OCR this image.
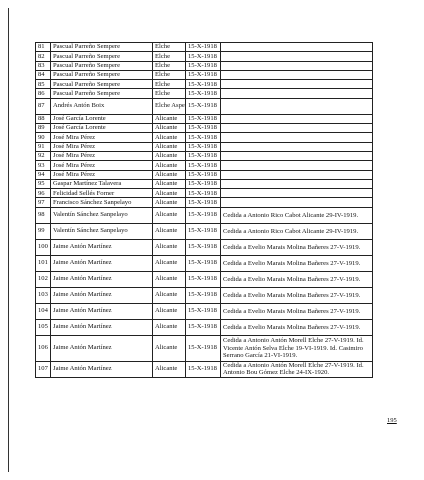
81	Pascual Parreño Sempere	Elche	15-X-1918	
82	Pascual Parreño Sempere	Elche	15-X-1918	
83	Pascual Parreño Sempere	Elche	15-X-1918	
84	Pascual Parreño Sempere	Elche	15-X-1918	
85	Pascual Parreño Sempere	Elche	15-X-1918	
86	Pascual Parreño Sempere	Elche	15-X-1918	
87	Andrés Antón Boix	Elche Aspe	15-X-1918	
88	José García Lorente	Alicante	15-X-1918	
89	José García Lorente	Alicante	15-X-1918	
90	José Mira Pérez	Alicante	15-X-1918	
91	José Mira Pérez	Alicante	15-X-1918	
92	José Mira Pérez	Alicante	15-X-1918	
93	José Mira Pérez	Alicante	15-X-1918	
94	José Mira Pérez	Alicante	15-X-1918	
95	Gaspar Martínez Talavera	Alicante	15-X-1918	
96	Felicidad Sellés Forner	Alicante	15-X-1918	
97	Francisco Sánchez Sanpelayo	Alicante	15-X-1918	
98	Valentín Sánchez Sanpelayo	Alicante	15-X-1918	Cedida a Antonio Rico Cabot Alicante 29-IV-1919.
99	Valentín Sánchez Sanpelayo	Alicante	15-X-1918	Cedida a Antonio Rico Cabot Alicante 29-IV-1919.
100	Jaime Antón Martínez	Alicante	15-X-1918	Cedida a Evelio Marais Molina Bañeres 27-V-1919.
101	Jaime Antón Martínez	Alicante	15-X-1918	Cedida a Evelio Marais Molina Bañeres 27-V-1919.
102	Jaime Antón Martínez	Alicante	15-X-1918	Cedida a Evelio Marais Molina Bañeres 27-V-1919.
103	Jaime Antón Martínez	Alicante	15-X-1918	Cedida a Evelio Marais Molina Bañeres 27-V-1919.
104	Jaime Antón Martínez	Alicante	15-X-1918	Cedida a Evelio Marais Molina Bañeres 27-V-1919.
105	Jaime Antón Martínez	Alicante	15-X-1918	Cedida a Evelio Marais Molina Bañeres 27-V-1919.
106	Jaime Antón Martínez	Alicante	15-X-1918	Cedida a Antonio Antón Morell Elche 27-V-1919. Id. Vicente Antón Selva Elche 19-VI-1919. Id. Casimiro Serrano García 21-VI-1919.
107	Jaime Antón Martínez	Alicante	15-X-1918	Cedida a Antonio Antón Morell Elche 27-V-1919. Id. Antonio Bou Gómez Elche 24-IX-1920.
195
